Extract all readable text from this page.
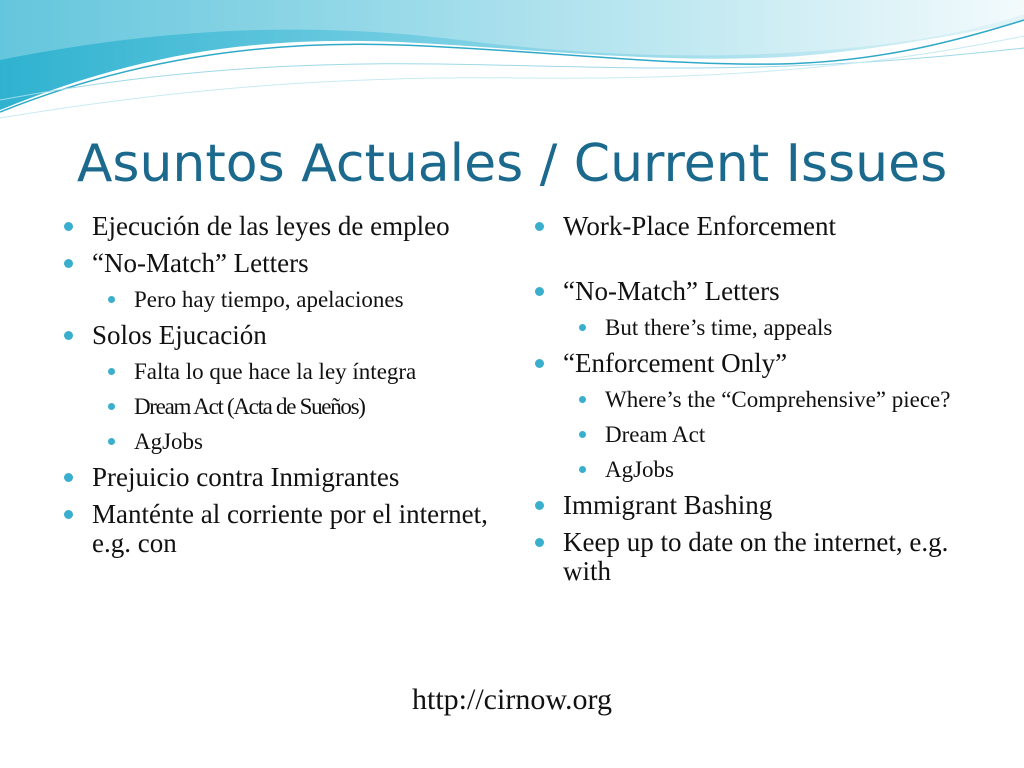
Asuntos Actuales / Current Issues
Ejecución de las leyes de empleo
“No-Match” Letters
Pero hay tiempo, apelaciones
Solos Ejucación
Falta lo que hace la ley íntegra
Dream Act (Acta de Sueños)
AgJobs
Prejuicio contra Inmigrantes
Manténte al corriente por el internet, e.g. con
Work-Place Enforcement
“No-Match” Letters
But there’s time, appeals
“Enforcement Only”
Where’s the “Comprehensive” piece?
Dream Act
AgJobs
Immigrant Bashing
Keep up to date on the internet, e.g. with
http://cirnow.org
